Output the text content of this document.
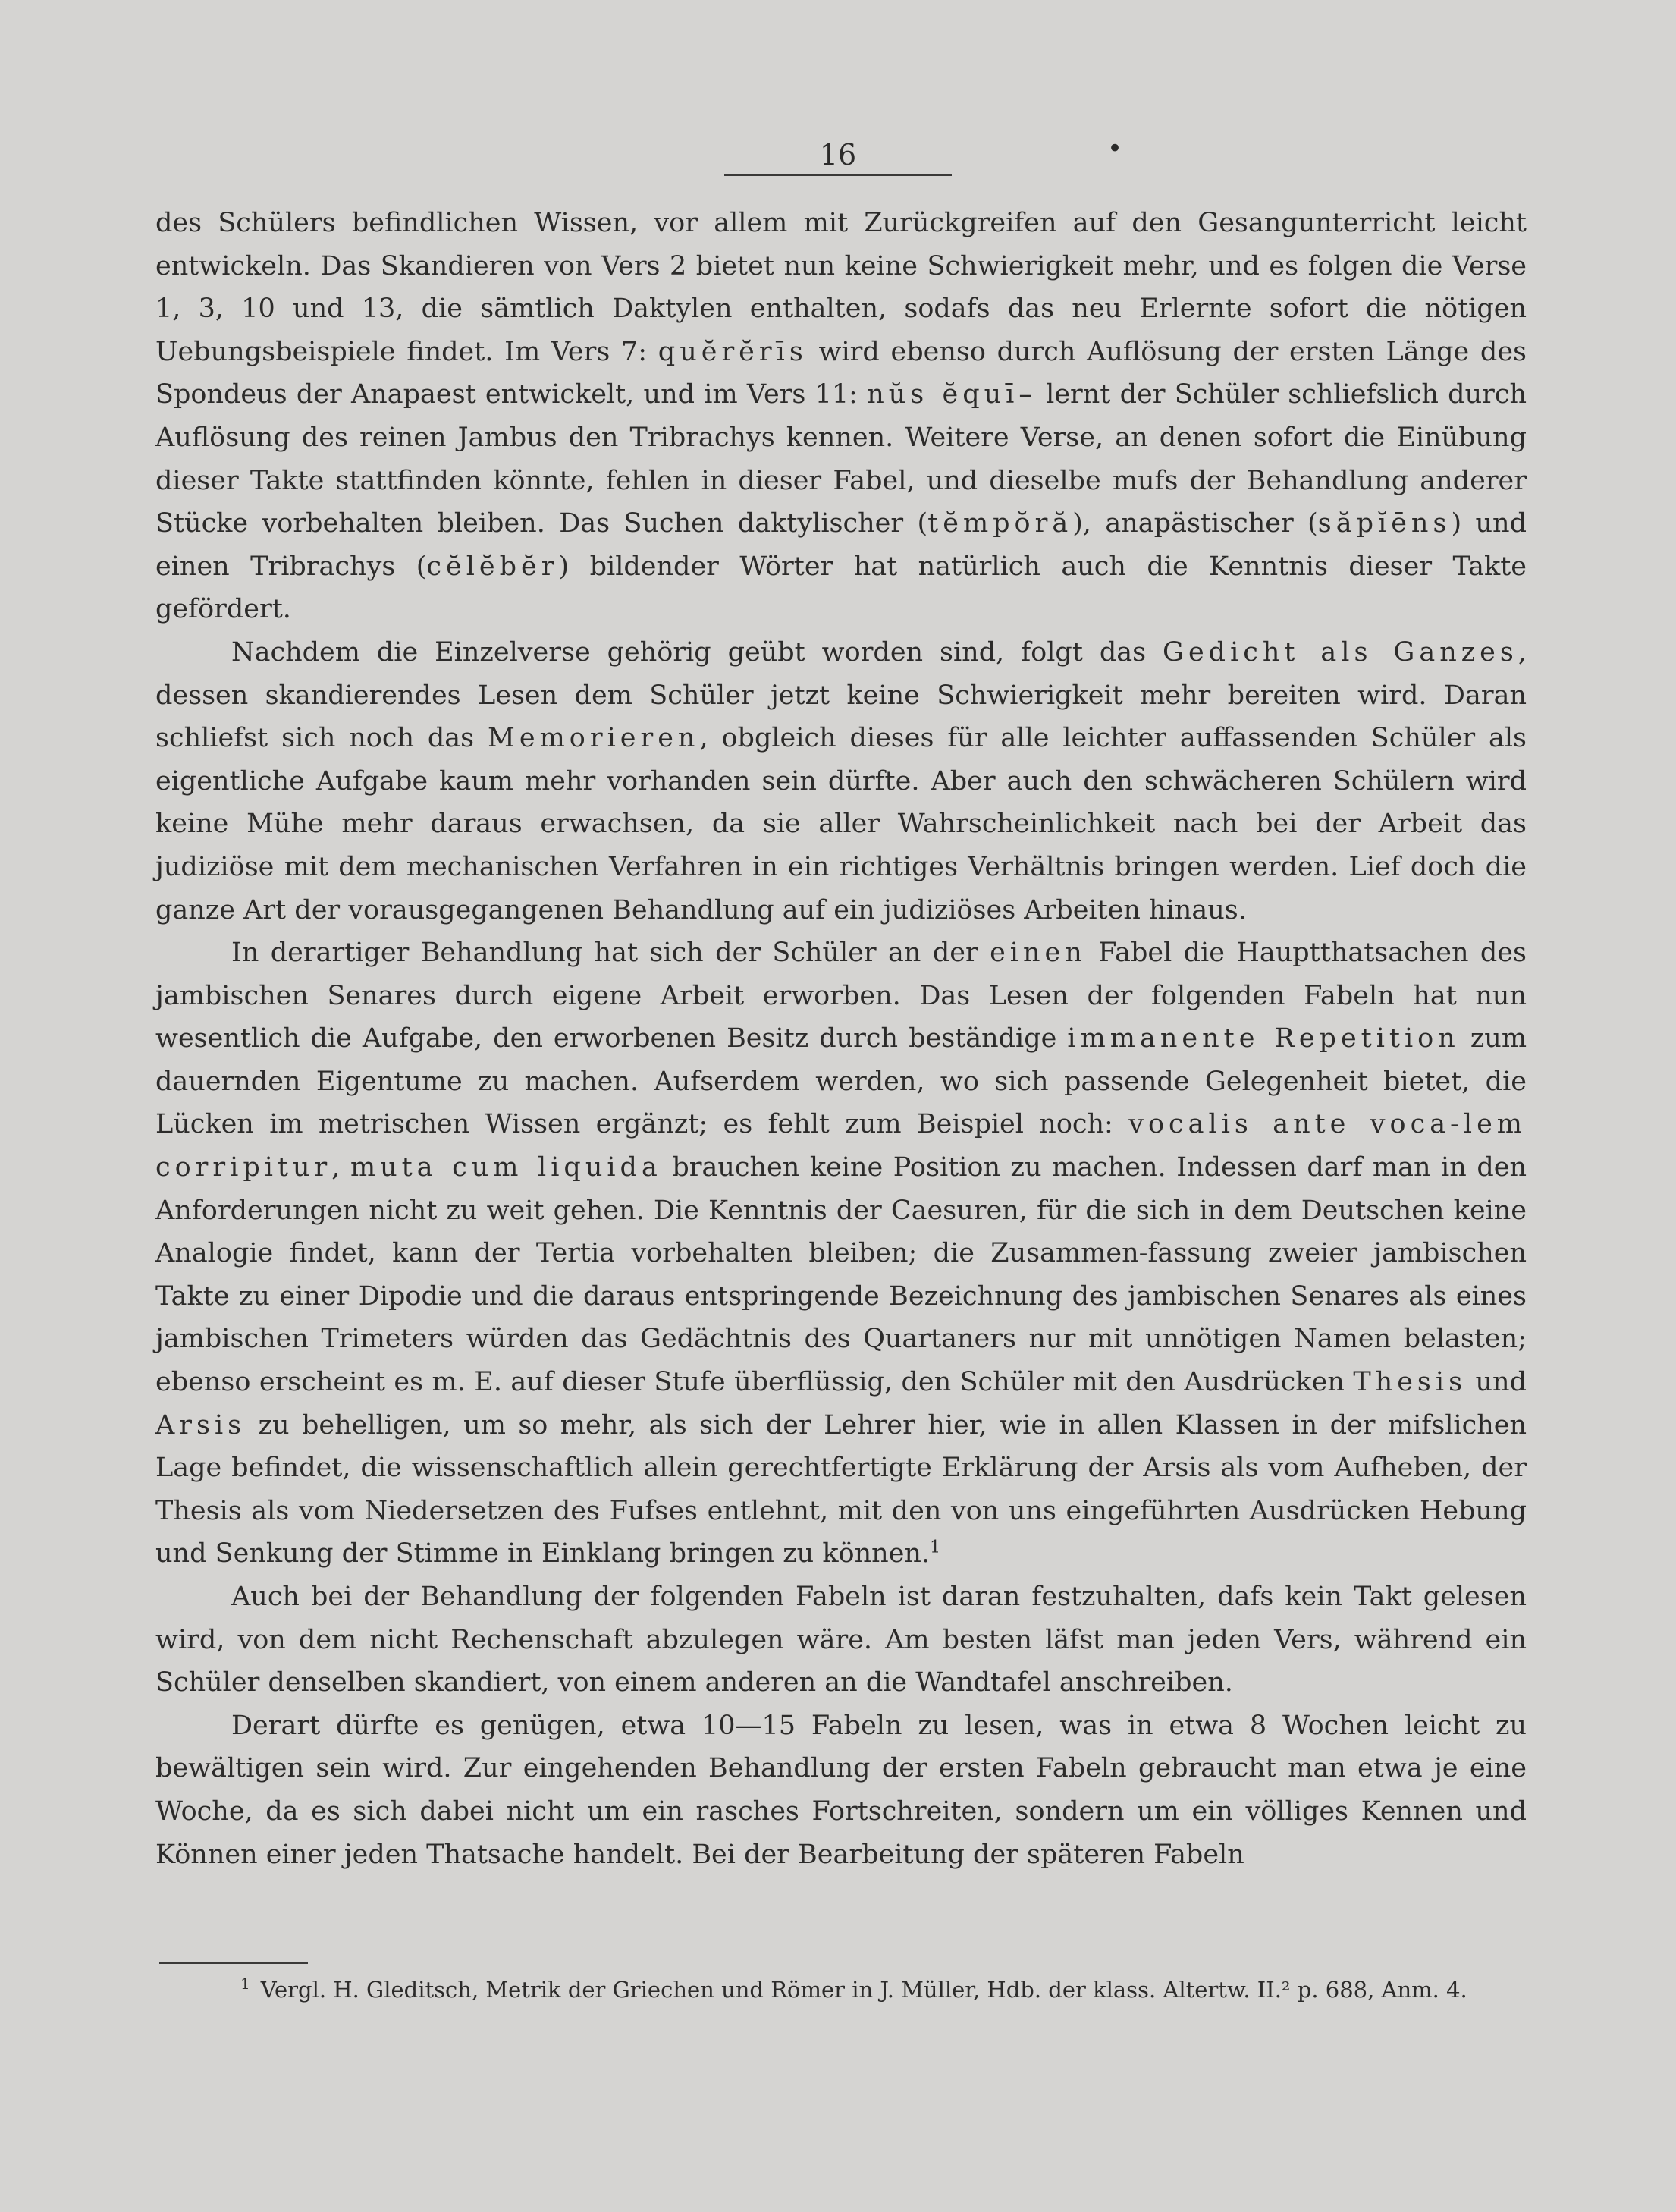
16	•

des Schülers befindlichen Wissen, vor allem mit Zurückgreifen auf den Gesangunterricht leicht entwickeln. Das Skandieren von Vers 2 bietet nun keine Schwierigkeit mehr, und es folgen die Verse 1, 3, 10 und 13, die sämtlich Daktylen enthalten, sodafs das neu Erlernte sofort die nötigen Uebungsbeispiele findet. Im Vers 7: quĕrĕrīs wird ebenso durch Auflösung der ersten Länge des Spondeus der Anapaest entwickelt, und im Vers 11: nŭs ĕquī– lernt der Schüler schliefslich durch Auflösung des reinen Jambus den Tribrachys kennen. Weitere Verse, an denen sofort die Einübung dieser Takte stattfinden könnte, fehlen in dieser Fabel, und dieselbe mufs der Behandlung anderer Stücke vorbehalten bleiben. Das Suchen daktylischer (tĕmpŏră), anapästischer (săpĭēns) und einen Tribrachys (cĕlĕbĕr) bildender Wörter hat natürlich auch die Kenntnis dieser Takte gefördert.

Nachdem die Einzelverse gehörig geübt worden sind, folgt das Gedicht als Ganzes, dessen skandierendes Lesen dem Schüler jetzt keine Schwierigkeit mehr bereiten wird. Daran schliefst sich noch das Memorieren, obgleich dieses für alle leichter auffassenden Schüler als eigentliche Aufgabe kaum mehr vorhanden sein dürfte. Aber auch den schwächeren Schülern wird keine Mühe mehr daraus erwachsen, da sie aller Wahrscheinlichkeit nach bei der Arbeit das judiziöse mit dem mechanischen Verfahren in ein richtiges Verhältnis bringen werden. Lief doch die ganze Art der vorausgegangenen Behandlung auf ein judiziöses Arbeiten hinaus.

In derartiger Behandlung hat sich der Schüler an der einen Fabel die Hauptthatsachen des jambischen Senares durch eigene Arbeit erworben. Das Lesen der folgenden Fabeln hat nun wesentlich die Aufgabe, den erworbenen Besitz durch beständige immanente Repetition zum dauernden Eigentume zu machen. Aufserdem werden, wo sich passende Gelegenheit bietet, die Lücken im metrischen Wissen ergänzt; es fehlt zum Beispiel noch: vocalis ante voca-lem corripitur, muta cum liquida brauchen keine Position zu machen. Indessen darf man in den Anforderungen nicht zu weit gehen. Die Kenntnis der Caesuren, für die sich in dem Deutschen keine Analogie findet, kann der Tertia vorbehalten bleiben; die Zusammen-fassung zweier jambischen Takte zu einer Dipodie und die daraus entspringende Bezeichnung des jambischen Senares als eines jambischen Trimeters würden das Gedächtnis des Quartaners nur mit unnötigen Namen belasten; ebenso erscheint es m. E. auf dieser Stufe überflüssig, den Schüler mit den Ausdrücken Thesis und Arsis zu behelligen, um so mehr, als sich der Lehrer hier, wie in allen Klassen in der mifslichen Lage befindet, die wissenschaftlich allein gerechtfertigte Erklärung der Arsis als vom Aufheben, der Thesis als vom Niedersetzen des Fufses entlehnt, mit den von uns eingeführten Ausdrücken Hebung und Senkung der Stimme in Einklang bringen zu können.$^1$

Auch bei der Behandlung der folgenden Fabeln ist daran festzuhalten, dafs kein Takt gelesen wird, von dem nicht Rechenschaft abzulegen wäre. Am besten läfst man jeden Vers, während ein Schüler denselben skandiert, von einem anderen an die Wandtafel anschreiben.

Derart dürfte es genügen, etwa 10—15 Fabeln zu lesen, was in etwa 8 Wochen leicht zu bewältigen sein wird. Zur eingehenden Behandlung der ersten Fabeln gebraucht man etwa je eine Woche, da es sich dabei nicht um ein rasches Fortschreiten, sondern um ein völliges Kennen und Können einer jeden Thatsache handelt. Bei der Bearbeitung der späteren Fabeln

$^1$ Vergl. H. Gleditsch, Metrik der Griechen und Römer in J. Müller, Hdb. der klass. Altertw. II.² p. 688, Anm. 4.
